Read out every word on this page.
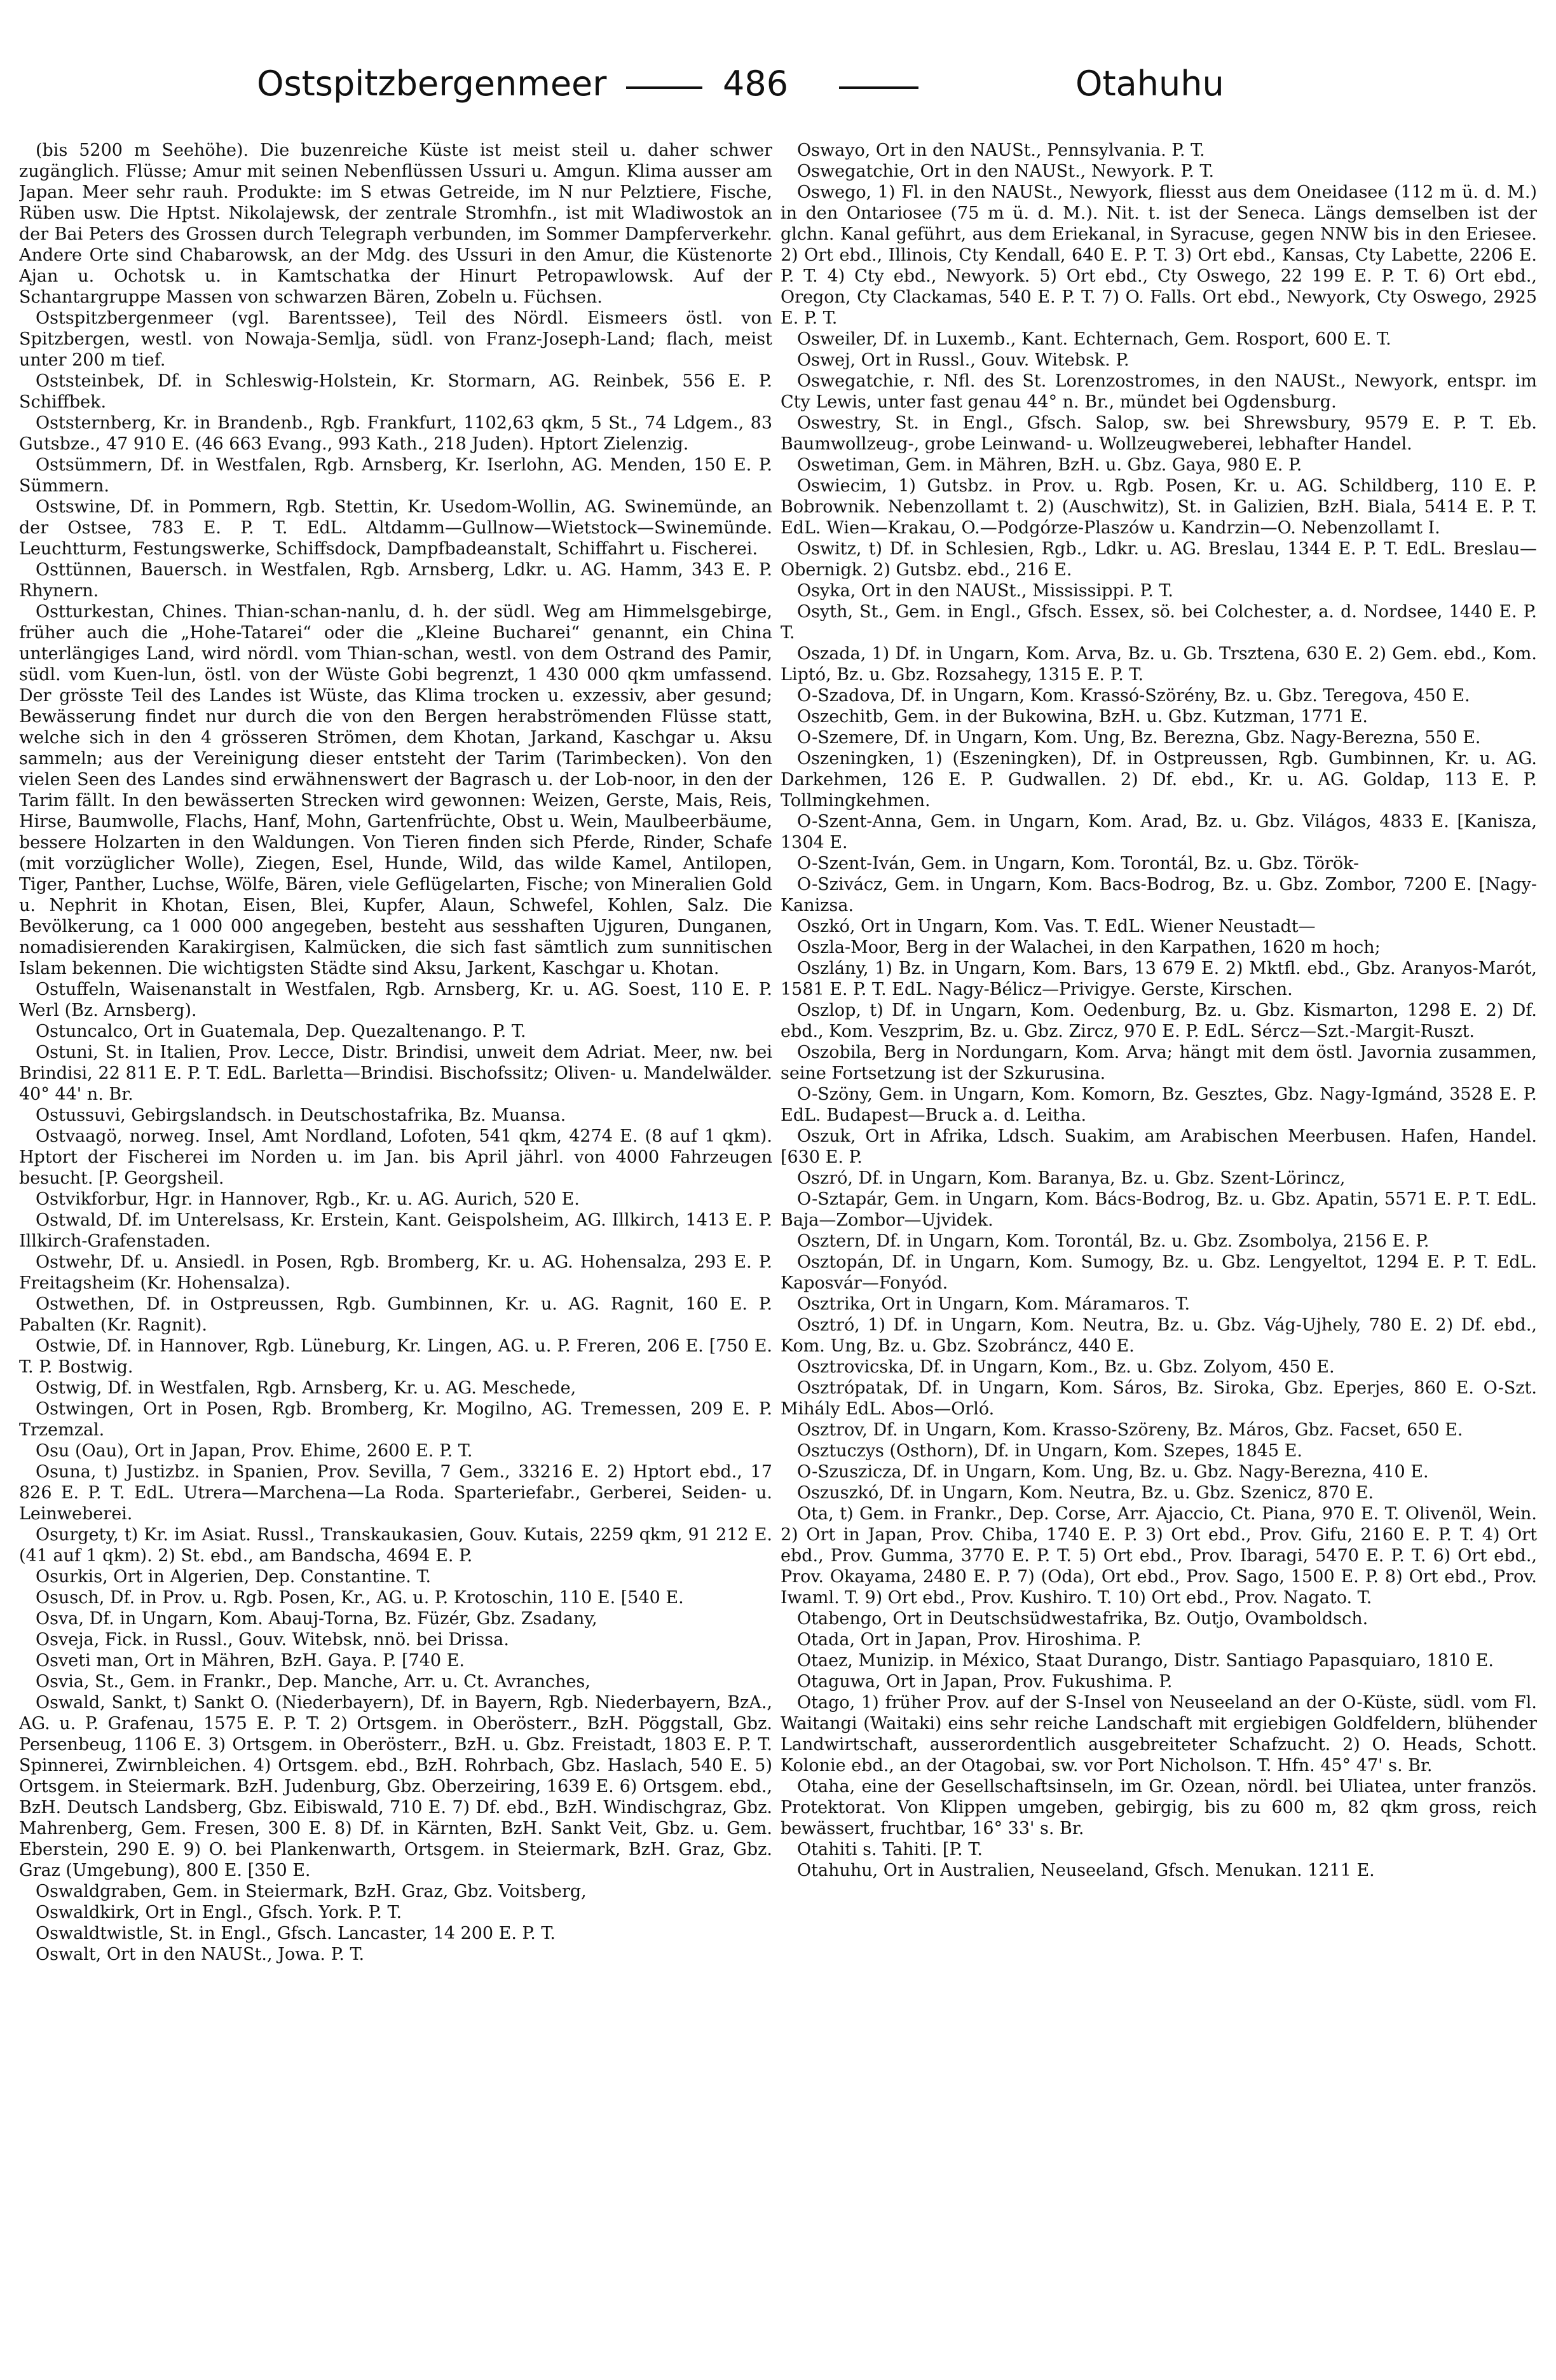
Ostspitzbergenmeer	486	Otahuhu

(bis 5200 m Seehöhe). Die buzenreiche Küste ist meist steil u. daher schwer zugänglich. Flüsse; Amur mit seinen Nebenflüssen Ussuri u. Amgun. Klima ausser am Japan. Meer sehr rauh. Produkte: im S etwas Getreide, im N nur Pelztiere, Fische, Rüben usw. Die Hptst. Nikolajewsk, der zentrale Stromhfn., ist mit Wladiwostok an der Bai Peters des Grossen durch Telegraph verbunden, im Sommer Dampferverkehr. Andere Orte sind Chabarowsk, an der Mdg. des Ussuri in den Amur, die Küstenorte Ajan u. Ochotsk u. in Kamtschatka der Hinurt Petropawlowsk. Auf der Schantargruppe Massen von schwarzen Bären, Zobeln u. Füchsen.

Ostspitzbergenmeer (vgl. Barentssee), Teil des Nördl. Eismeers östl. von Spitzbergen, westl. von Nowaja-Semlja, südl. von Franz-Joseph-Land; flach, meist unter 200 m tief.

Oststeinbek, Df. in Schleswig-Holstein, Kr. Stormarn, AG. Reinbek, 556 E. P. Schiffbek.

Oststernberg, Kr. in Brandenb., Rgb. Frankfurt, 1102,63 qkm, 5 St., 74 Ldgem., 83 Gutsbze., 47 910 E. (46 663 Evang., 993 Kath., 218 Juden). Hptort Zielenzig.

Ostsümmern, Df. in Westfalen, Rgb. Arnsberg, Kr. Iserlohn, AG. Menden, 150 E. P. Sümmern.

Ostswine, Df. in Pommern, Rgb. Stettin, Kr. Usedom-Wollin, AG. Swinemünde, an der Ostsee, 783 E. P. T. EdL. Altdamm—Gullnow—Wietstock—Swinemünde. Leuchtturm, Festungswerke, Schiffsdock, Dampfbadeanstalt, Schiffahrt u. Fischerei.

Osttünnen, Bauersch. in Westfalen, Rgb. Arnsberg, Ldkr. u. AG. Hamm, 343 E. P. Rhynern.

Ostturkestan, Chines. Thian-schan-nanlu, d. h. der südl. Weg am Himmelsgebirge, früher auch die „Hohe-Tatarei“ oder die „Kleine Bucharei“ genannt, ein China unterlängiges Land, wird nördl. vom Thian-schan, westl. von dem Ostrand des Pamir, südl. vom Kuen-lun, östl. von der Wüste Gobi begrenzt, 1 430 000 qkm umfassend. Der grösste Teil des Landes ist Wüste, das Klima trocken u. exzessiv, aber gesund; Bewässerung findet nur durch die von den Bergen herabströmenden Flüsse statt, welche sich in den 4 grösseren Strömen, dem Khotan, Jarkand, Kaschgar u. Aksu sammeln; aus der Vereinigung dieser entsteht der Tarim (Tarimbecken). Von den vielen Seen des Landes sind erwähnenswert der Bagrasch u. der Lob-noor, in den der Tarim fällt. In den bewässerten Strecken wird gewonnen: Weizen, Gerste, Mais, Reis, Hirse, Baumwolle, Flachs, Hanf, Mohn, Gartenfrüchte, Obst u. Wein, Maulbeerbäume, bessere Holzarten in den Waldungen. Von Tieren finden sich Pferde, Rinder, Schafe (mit vorzüglicher Wolle), Ziegen, Esel, Hunde, Wild, das wilde Kamel, Antilopen, Tiger, Panther, Luchse, Wölfe, Bären, viele Geflügelarten, Fische; von Mineralien Gold u. Nephrit in Khotan, Eisen, Blei, Kupfer, Alaun, Schwefel, Kohlen, Salz. Die Bevölkerung, ca 1 000 000 angegeben, besteht aus sesshaften Ujguren, Dunganen, nomadisierenden Karakirgisen, Kalmücken, die sich fast sämtlich zum sunnitischen Islam bekennen. Die wichtigsten Städte sind Aksu, Jarkent, Kaschgar u. Khotan.

Ostuffeln, Waisenanstalt in Westfalen, Rgb. Arnsberg, Kr. u. AG. Soest, 110 E. P. Werl (Bz. Arnsberg).

Ostuncalco, Ort in Guatemala, Dep. Quezaltenango. P. T.

Ostuni, St. in Italien, Prov. Lecce, Distr. Brindisi, unweit dem Adriat. Meer, nw. bei Brindisi, 22 811 E. P. T. EdL. Barletta—Brindisi. Bischofssitz; Oliven- u. Mandelwälder. 40° 44' n. Br.

Ostussuvi, Gebirgslandsch. in Deutschostafrika, Bz. Muansa.

Ostvaagö, norweg. Insel, Amt Nordland, Lofoten, 541 qkm, 4274 E. (8 auf 1 qkm). Hptort der Fischerei im Norden u. im Jan. bis April jährl. von 4000 Fahrzeugen besucht. [P. Georgsheil.

Ostvikforbur, Hgr. in Hannover, Rgb., Kr. u. AG. Aurich, 520 E.

Ostwald, Df. im Unterelsass, Kr. Erstein, Kant. Geispolsheim, AG. Illkirch, 1413 E. P. Illkirch-Grafenstaden.

Ostwehr, Df. u. Ansiedl. in Posen, Rgb. Bromberg, Kr. u. AG. Hohensalza, 293 E. P. Freitagsheim (Kr. Hohensalza).

Ostwethen, Df. in Ostpreussen, Rgb. Gumbinnen, Kr. u. AG. Ragnit, 160 E. P. Pabalten (Kr. Ragnit).

Ostwie, Df. in Hannover, Rgb. Lüneburg, Kr. Lingen, AG. u. P. Freren, 206 E. [750 E. T. P. Bostwig.

Ostwig, Df. in Westfalen, Rgb. Arnsberg, Kr. u. AG. Meschede,

Ostwingen, Ort in Posen, Rgb. Bromberg, Kr. Mogilno, AG. Tremessen, 209 E. P. Trzemzal.

Osu (Oau), Ort in Japan, Prov. Ehime, 2600 E. P. T.

Osuna, t) Justizbz. in Spanien, Prov. Sevilla, 7 Gem., 33216 E. 2) Hptort ebd., 17 826 E. P. T. EdL. Utrera—Marchena—La Roda. Sparteriefabr., Gerberei, Seiden- u. Leinweberei.

Osurgety, t) Kr. im Asiat. Russl., Transkaukasien, Gouv. Kutais, 2259 qkm, 91 212 E. (41 auf 1 qkm). 2) St. ebd., am Bandscha, 4694 E. P.

Osurkis, Ort in Algerien, Dep. Constantine. T.

Osusch, Df. in Prov. u. Rgb. Posen, Kr., AG. u. P. Krotoschin, 110 E. [540 E.

Osva, Df. in Ungarn, Kom. Abauj-Torna, Bz. Füzér, Gbz. Zsadany,

Osveja, Fick. in Russl., Gouv. Witebsk, nnö. bei Drissa.

Osveti man, Ort in Mähren, BzH. Gaya. P. [740 E.

Osvia, St., Gem. in Frankr., Dep. Manche, Arr. u. Ct. Avranches,

Oswald, Sankt, t) Sankt O. (Niederbayern), Df. in Bayern, Rgb. Niederbayern, BzA., AG. u. P. Grafenau, 1575 E. P. T. 2) Ortsgem. in Oberösterr., BzH. Pöggstall, Gbz. Persenbeug, 1106 E. 3) Ortsgem. in Oberösterr., BzH. u. Gbz. Freistadt, 1803 E. P. T. Spinnerei, Zwirnbleichen. 4) Ortsgem. ebd., BzH. Rohrbach, Gbz. Haslach, 540 E. 5) Ortsgem. in Steiermark. BzH. Judenburg, Gbz. Oberzeiring, 1639 E. 6) Ortsgem. ebd., BzH. Deutsch Landsberg, Gbz. Eibiswald, 710 E. 7) Df. ebd., BzH. Windischgraz, Gbz. Mahrenberg, Gem. Fresen, 300 E. 8) Df. in Kärnten, BzH. Sankt Veit, Gbz. u. Gem. Eberstein, 290 E. 9) O. bei Plankenwarth, Ortsgem. in Steiermark, BzH. Graz, Gbz. Graz (Umgebung), 800 E. [350 E.

Oswaldgraben, Gem. in Steiermark, BzH. Graz, Gbz. Voitsberg,

Oswaldkirk, Ort in Engl., Gfsch. York. P. T.

Oswaldtwistle, St. in Engl., Gfsch. Lancaster, 14 200 E. P. T.

Oswalt, Ort in den NAUSt., Jowa. P. T.

Oswayo, Ort in den NAUSt., Pennsylvania. P. T.

Oswegatchie, Ort in den NAUSt., Newyork. P. T.

Oswego, 1) Fl. in den NAUSt., Newyork, fliesst aus dem Oneidasee (112 m ü. d. M.) in den Ontariosee (75 m ü. d. M.). Nit. t. ist der Seneca. Längs demselben ist der glchn. Kanal geführt, aus dem Eriekanal, in Syracuse, gegen NNW bis in den Eriesee. 2) Ort ebd., Illinois, Cty Kendall, 640 E. P. T. 3) Ort ebd., Kansas, Cty Labette, 2206 E. P. T. 4) Cty ebd., Newyork. 5) Ort ebd., Cty Oswego, 22 199 E. P. T. 6) Ort ebd., Oregon, Cty Clackamas, 540 E. P. T. 7) O. Falls. Ort ebd., Newyork, Cty Oswego, 2925 E. P. T.

Osweiler, Df. in Luxemb., Kant. Echternach, Gem. Rosport, 600 E. T.

Oswej, Ort in Russl., Gouv. Witebsk. P.

Oswegatchie, r. Nfl. des St. Lorenzostromes, in den NAUSt., Newyork, entspr. im Cty Lewis, unter fast genau 44° n. Br., mündet bei Ogdensburg.

Oswestry, St. in Engl., Gfsch. Salop, sw. bei Shrewsbury, 9579 E. P. T. Eb. Baumwollzeug-, grobe Leinwand- u. Wollzeugweberei, lebhafter Handel.

Oswetiman, Gem. in Mähren, BzH. u. Gbz. Gaya, 980 E. P.

Oswiecim, 1) Gutsbz. in Prov. u. Rgb. Posen, Kr. u. AG. Schildberg, 110 E. P. Bobrownik. Nebenzollamt t. 2) (Auschwitz), St. in Galizien, BzH. Biala, 5414 E. P. T. EdL. Wien—Krakau, O.—Podgórze-Plaszów u. Kandrzin—O. Nebenzollamt I.

Oswitz, t) Df. in Schlesien, Rgb., Ldkr. u. AG. Breslau, 1344 E. P. T. EdL. Breslau—Obernigk. 2) Gutsbz. ebd., 216 E.

Osyka, Ort in den NAUSt., Mississippi. P. T.

Osyth, St., Gem. in Engl., Gfsch. Essex, sö. bei Colchester, a. d. Nordsee, 1440 E. P. T.

Oszada, 1) Df. in Ungarn, Kom. Arva, Bz. u. Gb. Trsztena, 630 E. 2) Gem. ebd., Kom. Liptó, Bz. u. Gbz. Rozsahegy, 1315 E. P. T.

O-Szadova, Df. in Ungarn, Kom. Krassó-Szörény, Bz. u. Gbz. Teregova, 450 E.

Oszechitb, Gem. in der Bukowina, BzH. u. Gbz. Kutzman, 1771 E.

O-Szemere, Df. in Ungarn, Kom. Ung, Bz. Berezna, Gbz. Nagy-Berezna, 550 E.

Oszeningken, 1) (Eszeningken), Df. in Ostpreussen, Rgb. Gumbinnen, Kr. u. AG. Darkehmen, 126 E. P. Gudwallen. 2) Df. ebd., Kr. u. AG. Goldap, 113 E. P. Tollmingkehmen.

O-Szent-Anna, Gem. in Ungarn, Kom. Arad, Bz. u. Gbz. Világos, 4833 E. [Kanisza, 1304 E.

O-Szent-Iván, Gem. in Ungarn, Kom. Torontál, Bz. u. Gbz. Török-

O-Szivácz, Gem. in Ungarn, Kom. Bacs-Bodrog, Bz. u. Gbz. Zombor, 7200 E. [Nagy-Kanizsa.

Oszkó, Ort in Ungarn, Kom. Vas. T. EdL. Wiener Neustadt—

Oszla-Moor, Berg in der Walachei, in den Karpathen, 1620 m hoch;

Oszlány, 1) Bz. in Ungarn, Kom. Bars, 13 679 E. 2) Mktfl. ebd., Gbz. Aranyos-Marót, 1581 E. P. T. EdL. Nagy-Bélicz—Privigye. Gerste, Kirschen.

Oszlop, t) Df. in Ungarn, Kom. Oedenburg, Bz. u. Gbz. Kismarton, 1298 E. 2) Df. ebd., Kom. Veszprim, Bz. u. Gbz. Zircz, 970 E. P. EdL. Sércz—Szt.-Margit-Ruszt.

Oszobila, Berg in Nordungarn, Kom. Arva; hängt mit dem östl. Javornia zusammen, seine Fortsetzung ist der Szkurusina.

O-Szöny, Gem. in Ungarn, Kom. Komorn, Bz. Gesztes, Gbz. Nagy-Igmánd, 3528 E. P. EdL. Budapest—Bruck a. d. Leitha.

Oszuk, Ort in Afrika, Ldsch. Suakim, am Arabischen Meerbusen. Hafen, Handel. [630 E. P.

Oszró, Df. in Ungarn, Kom. Baranya, Bz. u. Gbz. Szent-Lörincz,

O-Sztapár, Gem. in Ungarn, Kom. Bács-Bodrog, Bz. u. Gbz. Apatin, 5571 E. P. T. EdL. Baja—Zombor—Ujvidek.

Osztern, Df. in Ungarn, Kom. Torontál, Bz. u. Gbz. Zsombolya, 2156 E. P.

Osztopán, Df. in Ungarn, Kom. Sumogy, Bz. u. Gbz. Lengyeltot, 1294 E. P. T. EdL. Kaposvár—Fonyód.

Osztrika, Ort in Ungarn, Kom. Máramaros. T.

Osztró, 1) Df. in Ungarn, Kom. Neutra, Bz. u. Gbz. Vág-Ujhely, 780 E. 2) Df. ebd., Kom. Ung, Bz. u. Gbz. Szobráncz, 440 E.

Osztrovicska, Df. in Ungarn, Kom., Bz. u. Gbz. Zolyom, 450 E.

Osztrópatak, Df. in Ungarn, Kom. Sáros, Bz. Siroka, Gbz. Eperjes, 860 E. O-Szt. Mihály EdL. Abos—Orló.

Osztrov, Df. in Ungarn, Kom. Krasso-Szöreny, Bz. Máros, Gbz. Facset, 650 E.

Osztuczys (Osthorn), Df. in Ungarn, Kom. Szepes, 1845 E.

O-Szuszicza, Df. in Ungarn, Kom. Ung, Bz. u. Gbz. Nagy-Berezna, 410 E.

Oszuszkó, Df. in Ungarn, Kom. Neutra, Bz. u. Gbz. Szenicz, 870 E.

Ota, t) Gem. in Frankr., Dep. Corse, Arr. Ajaccio, Ct. Piana, 970 E. T. Olivenöl, Wein. 2) Ort in Japan, Prov. Chiba, 1740 E. P. 3) Ort ebd., Prov. Gifu, 2160 E. P. T. 4) Ort ebd., Prov. Gumma, 3770 E. P. T. 5) Ort ebd., Prov. Ibaragi, 5470 E. P. T. 6) Ort ebd., Prov. Okayama, 2480 E. P. 7) (Oda), Ort ebd., Prov. Sago, 1500 E. P. 8) Ort ebd., Prov. Iwaml. T. 9) Ort ebd., Prov. Kushiro. T. 10) Ort ebd., Prov. Nagato. T.

Otabengo, Ort in Deutschsüdwestafrika, Bz. Outjo, Ovamboldsch.

Otada, Ort in Japan, Prov. Hiroshima. P.

Otaez, Munizip. in México, Staat Durango, Distr. Santiago Papasquiaro, 1810 E.

Otaguwa, Ort in Japan, Prov. Fukushima. P.

Otago, 1) früher Prov. auf der S-Insel von Neuseeland an der O-Küste, südl. vom Fl. Waitangi (Waitaki) eins sehr reiche Landschaft mit ergiebigen Goldfeldern, blühender Landwirtschaft, ausserordentlich ausgebreiteter Schafzucht. 2) O. Heads, Schott. Kolonie ebd., an der Otagobai, sw. vor Port Nicholson. T. Hfn. 45° 47' s. Br.

Otaha, eine der Gesellschaftsinseln, im Gr. Ozean, nördl. bei Uliatea, unter französ. Protektorat. Von Klippen umgeben, gebirgig, bis zu 600 m, 82 qkm gross, reich bewässert, fruchtbar, 16° 33' s. Br.

Otahiti s. Tahiti. [P. T.

Otahuhu, Ort in Australien, Neuseeland, Gfsch. Menukan. 1211 E.
